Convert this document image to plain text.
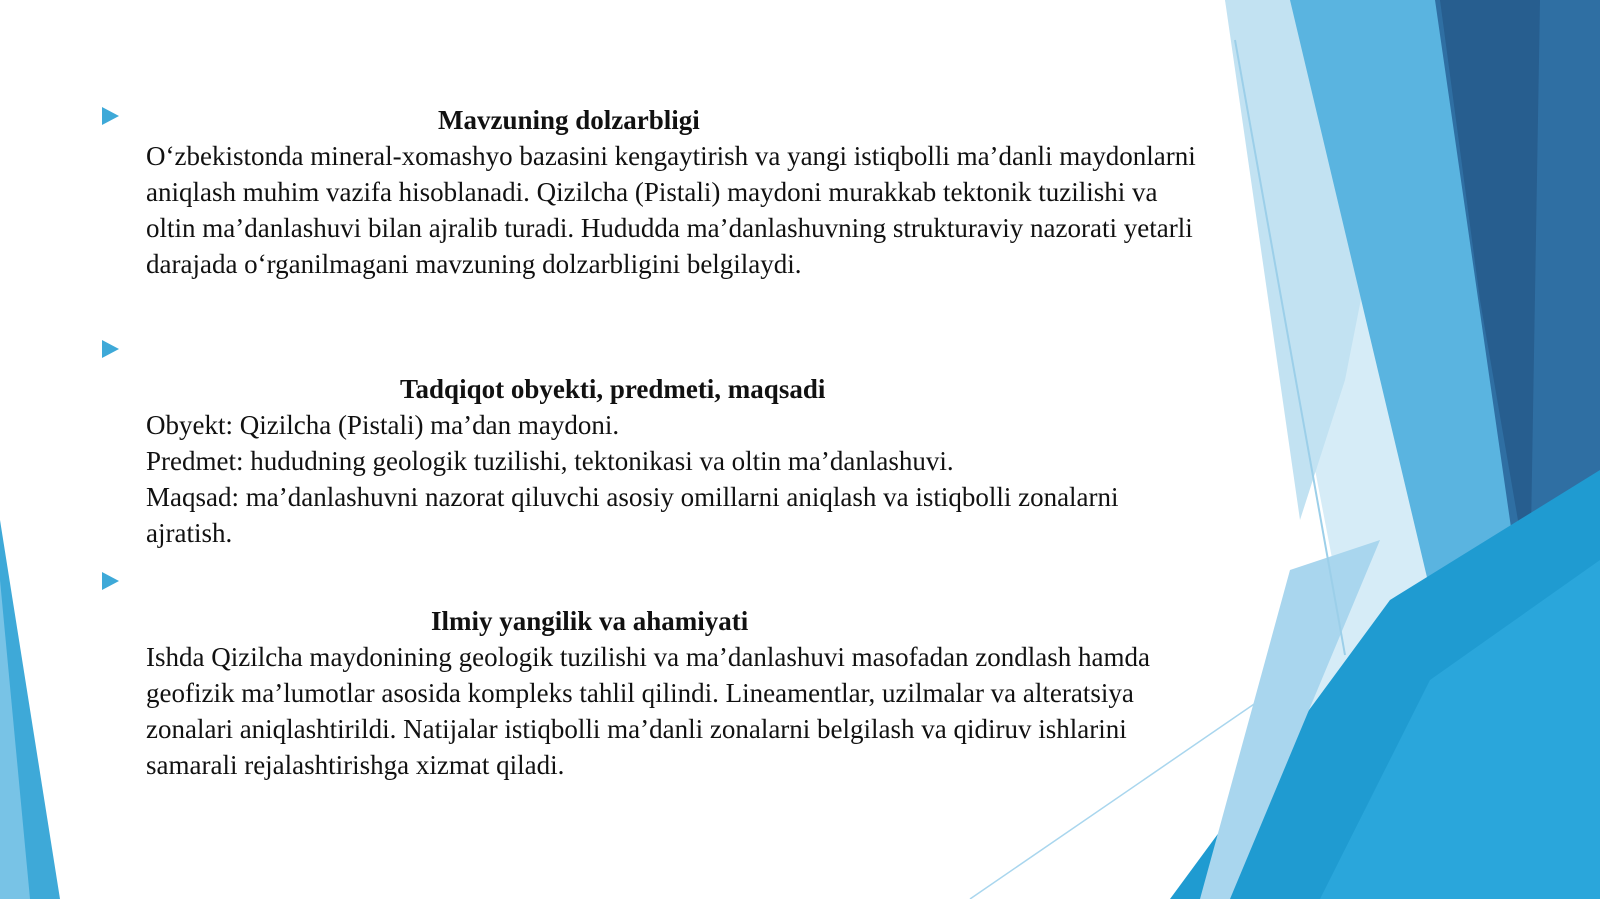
Mavzuning dolzarbligi

O‘zbekistonda mineral-xomashyo bazasini kengaytirish va yangi istiqbolli ma’danli maydonlarni aniqlash muhim vazifa hisoblanadi. Qizilcha (Pistali) maydoni murakkab tektonik tuzilishi va oltin ma’danlashuvi bilan ajralib turadi. Hududda ma’danlashuvning strukturaviy nazorati yetarli darajada o‘rganilmagani mavzuning dolzarbligini belgilaydi.

Tadqiqot obyekti, predmeti, maqsadi

Obyekt: Qizilcha (Pistali) ma’dan maydoni.

Predmet: hududning geologik tuzilishi, tektonikasi va oltin ma’danlashuvi.

Maqsad: ma’danlashuvni nazorat qiluvchi asosiy omillarni aniqlash va istiqbolli zonalarni ajratish.

Ilmiy yangilik va ahamiyati

Ishda Qizilcha maydonining geologik tuzilishi va ma’danlashuvi masofadan zondlash hamda geofizik ma’lumotlar asosida kompleks tahlil qilindi. Lineamentlar, uzilmalar va alteratsiya zonalari aniqlashtirildi. Natijalar istiqbolli ma’danli zonalarni belgilash va qidiruv ishlarini samarali rejalashtirishga xizmat qiladi.
